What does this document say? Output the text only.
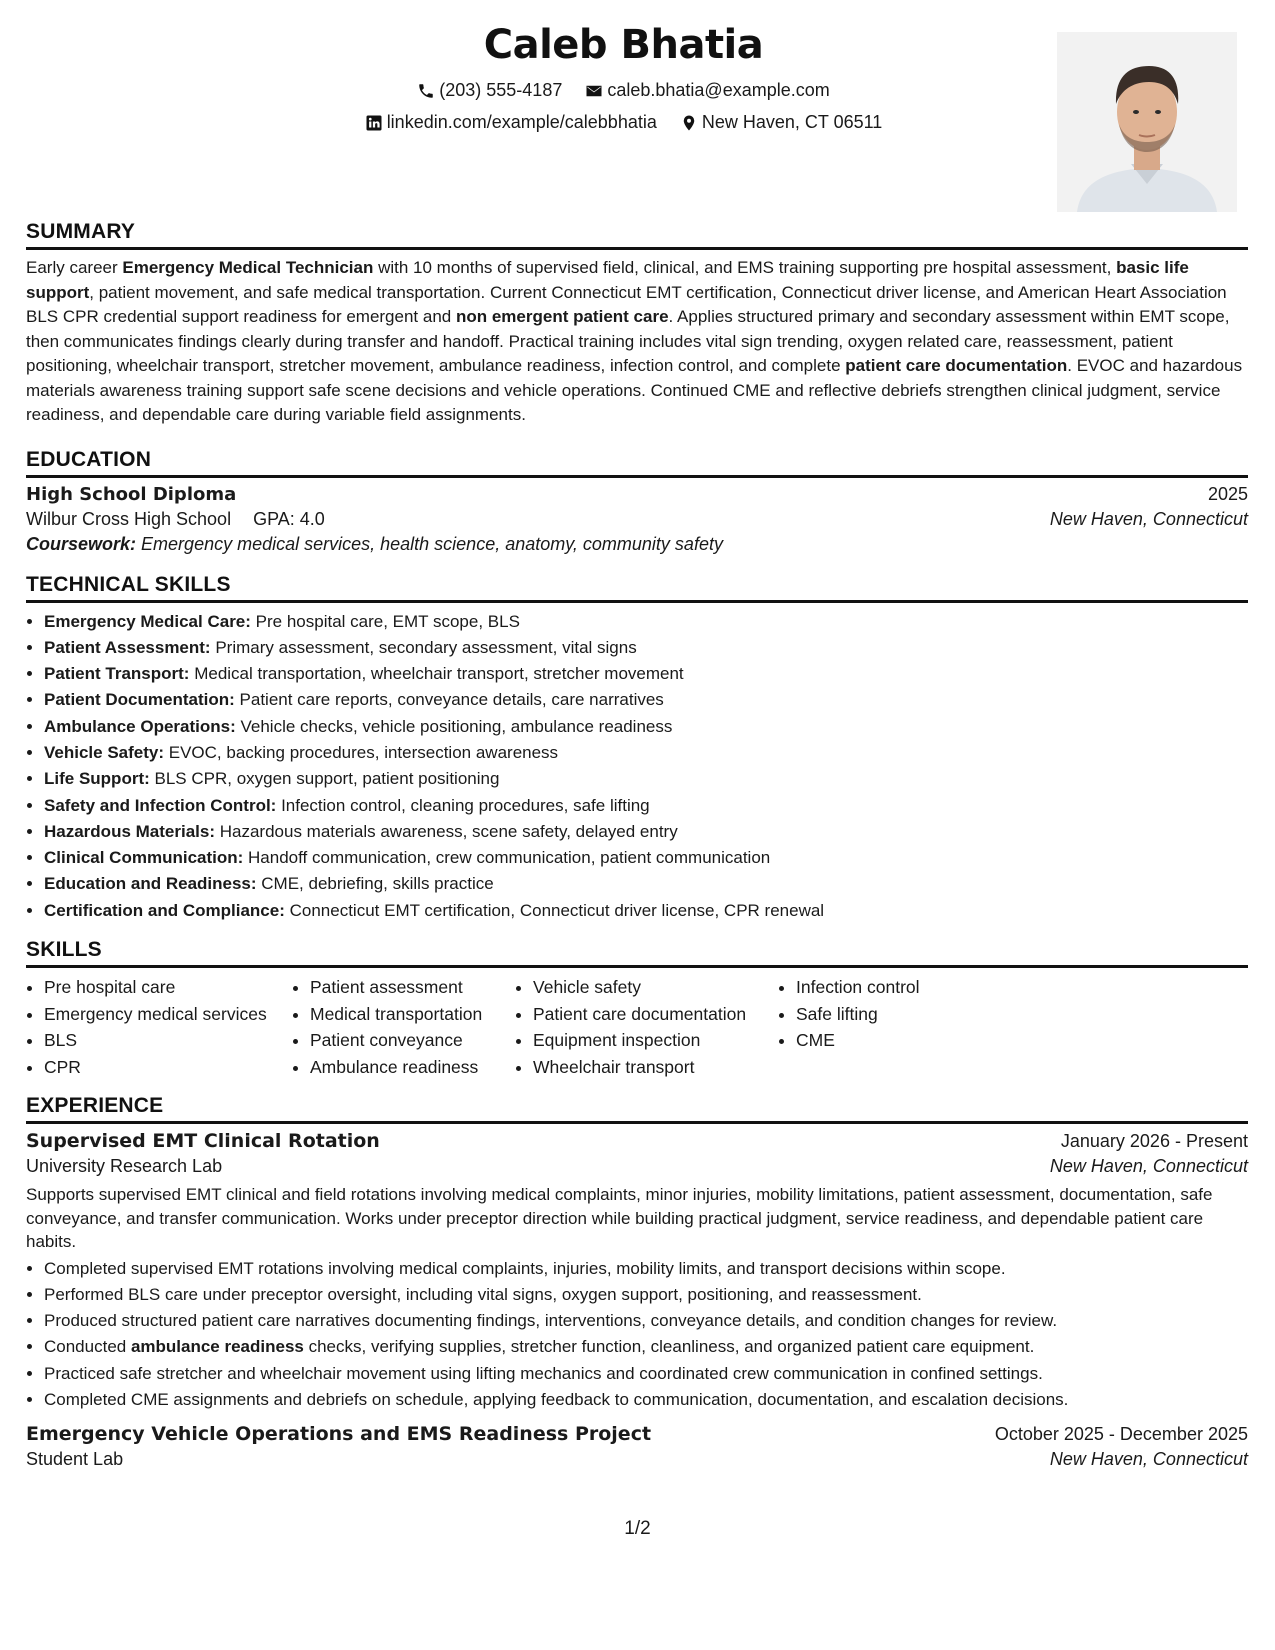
Caleb Bhatia
(203) 555-4187
	caleb.bhatia@example.com
linkedin.com/example/calebbhatia
	New Haven, CT 06511
SUMMARY

Early career Emergency Medical Technician with 10 months of supervised field, clinical, and EMS training supporting pre hospital assessment, basic life support, patient movement, and safe medical transportation. Current Connecticut EMT certification, Connecticut driver license, and American Heart Association BLS CPR credential support readiness for emergent and non emergent patient care. Applies structured primary and secondary assessment within EMT scope, then communicates findings clearly during transfer and handoff. Practical training includes vital sign trending, oxygen related care, reassessment, patient positioning, wheelchair transport, stretcher movement, ambulance readiness, infection control, and complete patient care documentation. EVOC and hazardous materials awareness training support safe scene decisions and vehicle operations. Continued CME and reflective debriefs strengthen clinical judgment, service readiness, and dependable care during variable field assignments.

EDUCATION
High School Diploma	2025
Wilbur Cross High School GPA: 4.0	New Haven, Connecticut
Coursework: Emergency medical services, health science, anatomy, community safety
TECHNICAL SKILLS
• Emergency Medical Care: Pre hospital care, EMT scope, BLS
• Patient Assessment: Primary assessment, secondary assessment, vital signs
• Patient Transport: Medical transportation, wheelchair transport, stretcher movement
• Patient Documentation: Patient care reports, conveyance details, care narratives
• Ambulance Operations: Vehicle checks, vehicle positioning, ambulance readiness
• Vehicle Safety: EVOC, backing procedures, intersection awareness
• Life Support: BLS CPR, oxygen support, patient positioning
• Safety and Infection Control: Infection control, cleaning procedures, safe lifting
• Hazardous Materials: Hazardous materials awareness, scene safety, delayed entry
• Clinical Communication: Handoff communication, crew communication, patient communication
• Education and Readiness: CME, debriefing, skills practice
• Certification and Compliance: Connecticut EMT certification, Connecticut driver license, CPR renewal
SKILLS
• Pre hospital care
• Emergency medical services
• BLS
• CPR
• Patient assessment
• Medical transportation
• Patient conveyance
• Ambulance readiness
• Vehicle safety
• Patient care documentation
• Equipment inspection
• Wheelchair transport
• Infection control
• Safe lifting
• CME
EXPERIENCE
Supervised EMT Clinical Rotation	January 2026 - Present
University Research Lab	New Haven, Connecticut

Supports supervised EMT clinical and field rotations involving medical complaints, minor injuries, mobility limitations, patient assessment, documentation, safe conveyance, and transfer communication. Works under preceptor direction while building practical judgment, service readiness, and dependable patient care habits.

• Completed supervised EMT rotations involving medical complaints, injuries, mobility limits, and transport decisions within scope.
• Performed BLS care under preceptor oversight, including vital signs, oxygen support, positioning, and reassessment.
• Produced structured patient care narratives documenting findings, interventions, conveyance details, and condition changes for review.
• Conducted ambulance readiness checks, verifying supplies, stretcher function, cleanliness, and organized patient care equipment.
• Practiced safe stretcher and wheelchair movement using lifting mechanics and coordinated crew communication in confined settings.
• Completed CME assignments and debriefs on schedule, applying feedback to communication, documentation, and escalation decisions.
Emergency Vehicle Operations and EMS Readiness Project	October 2025 - December 2025
Student Lab	New Haven, Connecticut
1/2
